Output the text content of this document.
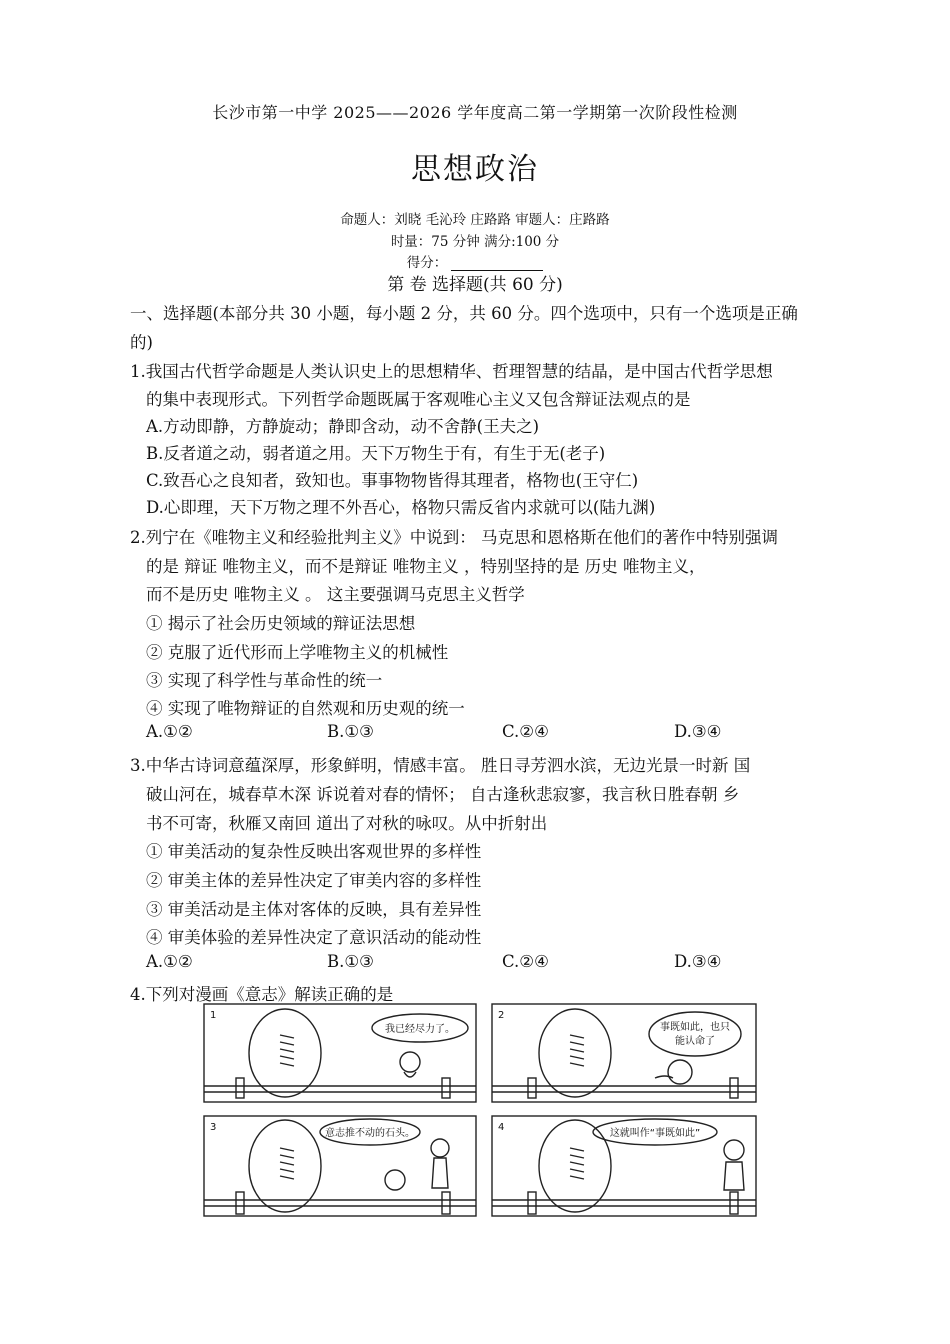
长沙市第一中学 2025——2026 学年度高二第一学期第一次阶段性检测
思想政治
命题人：刘晓 毛沁玲 庄路路 审题人：庄路路
时量：75 分钟 满分:100 分
得分：
第 卷 选择题(共 60 分)
一、选择题(本部分共 30 小题，每小题 2 分，共 60 分。四个选项中，只有一个选项是正确
的)
1.我国古代哲学命题是人类认识史上的思想精华、哲理智慧的结晶，是中国古代哲学思想
的集中表现形式。下列哲学命题既属于客观唯心主义又包含辩证法观点的是
A.方动即静，方静旋动；静即含动，动不舍静(王夫之)
B.反者道之动，弱者道之用。天下万物生于有，有生于无(老子)
C.致吾心之良知者，致知也。事事物物皆得其理者，格物也(王守仁)
D.心即理，天下万物之理不外吾心，格物只需反省内求就可以(陆九渊)
2.列宁在《唯物主义和经验批判主义》中说到： 马克思和恩格斯在他们的著作中特别强调
的是 辩证 唯物主义，而不是辩证 唯物主义 ，特别坚持的是 历史 唯物主义，
而不是历史 唯物主义 。 这主要强调马克思主义哲学
① 揭示了社会历史领域的辩证法思想
② 克服了近代形而上学唯物主义的机械性
③ 实现了科学性与革命性的统一
④ 实现了唯物辩证的自然观和历史观的统一
A.①②	B.①③	C.②④	D.③④
3.中华古诗词意蕴深厚，形象鲜明，情感丰富。 胜日寻芳泗水滨，无边光景一时新 国
破山河在，城春草木深 诉说着对春的情怀； 自古逢秋悲寂寥，我言秋日胜春朝 乡
书不可寄，秋雁又南回 道出了对秋的咏叹。从中折射出
① 审美活动的复杂性反映出客观世界的多样性
② 审美主体的差异性决定了审美内容的多样性
③ 审美活动是主体对客体的反映，具有差异性
④ 审美体验的差异性决定了意识活动的能动性
A.①②	B.①③	C.②④	D.③④
4.下列对漫画《意志》解读正确的是
1	2
3	4
我已经尽力了。	事既如此，也只
能认命了
意志推不动的石头。	这就叫作“事既如此”
